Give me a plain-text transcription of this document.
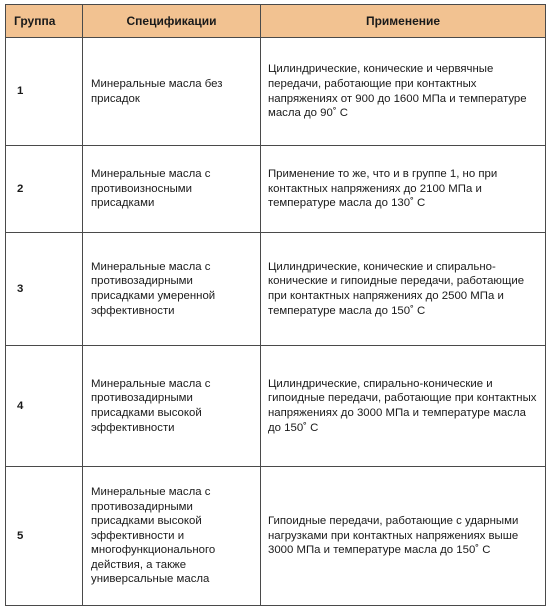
Группа	Спецификации	Применение
1	Минеральные масла без присадок	Цилиндрические, конические и червячные передачи, работающие при контактных напряжениях от 900 до 1600 МПа и температуре масла до 90˚ С
2	Минеральные масла с противоизносными присадками	Применение то же, что и в группе 1, но при контактных напряжениях до 2100 МПа и температуре масла до 130˚ С
3	Минеральные масла с противозадирными присадками умеренной эффективности	Цилиндрические, конические и спирально-конические и гипоидные передачи, работающие при контактных напряжениях до 2500 МПа и температуре масла до 150˚ С
4	Минеральные масла с противозадирными присадками высокой эффективности	Цилиндрические, спирально-конические и гипоидные передачи, работающие при контактных напряжениях до 3000 МПа и температуре масла до 150˚ С
5	Минеральные масла с противозадирными присадками высокой эффективности и многофункционального действия, а также универсальные масла	Гипоидные передачи, работающие с ударными нагрузками при контактных напряжениях выше 3000 МПа и температуре масла до 150˚ С
